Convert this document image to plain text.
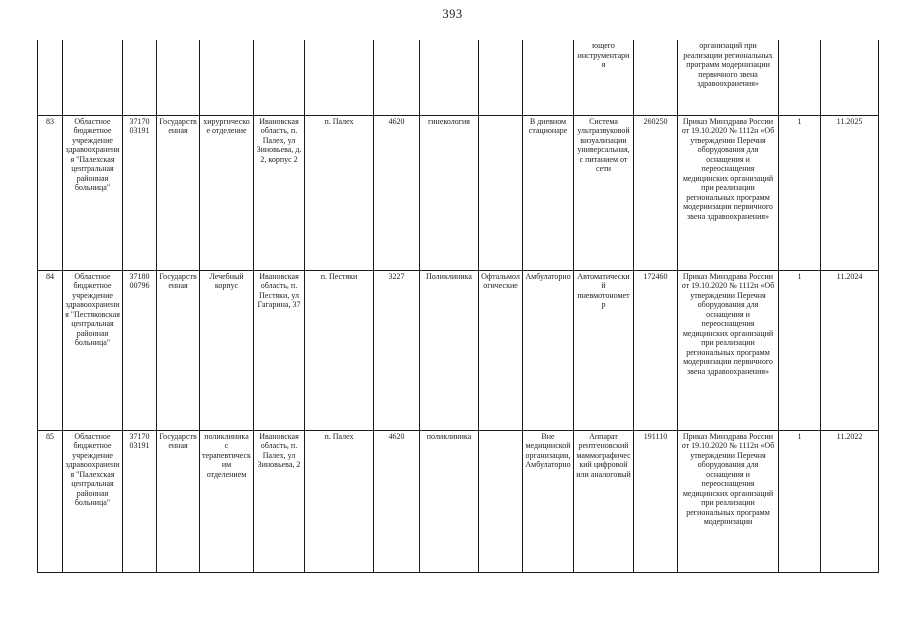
393
											ющего инструментария		организаций при реализации региональных программ модернизации первичного звена здравоохранения»		
83	Областное бюджетное учреждение здравоохранения "Палехская центральная районная больница"	37170 03191	Государственная	хирургическое отделение	Ивановская область, п. Палех, ул Зиновьева, д. 2, корпус 2	п. Палех	4620	гинекология		В дневном стационаре	Система ультразвуковой визуализации универсальная, с питанием от сети	260250	Приказ Минздрава России от 19.10.2020 № 1112н «Об утверждении Перечня оборудования для оснащения и переоснащения медицинских организаций при реализации региональных программ модернизации первичного звена здравоохранения»	1	11.2025
84	Областное бюджетное учреждение здравоохранения "Пестяковская центральная районная больница"	37180 00796	Государственная	Лечебный корпус	Ивановская область, п. Пестяки, ул Гагарина, 37	п. Пестяки	3227	Поликлиника	Офтальмологические	Амбулаторно	Автоматический пневмотонометр	172460	Приказ Минздрава России от 19.10.2020 № 1112н «Об утверждении Перечня оборудования для оснащения и переоснащения медицинских организаций при реализации региональных программ модернизации первичного звена здравоохранения»	1	11.2024
85	Областное бюджетное учреждение здравоохранения "Палехская центральная районная больница"	37170 03191	Государственная	поликлиника с терапевтическим отделением	Ивановская область, п. Палех, ул Зиновьева, 2	п. Палех	4620	поликлиника		Вне медицинской организации, Амбулаторно	Аппарат рентгеновский маммографический цифровой или аналоговый	191110	Приказ Минздрава России от 19.10.2020 № 1112н «Об утверждении Перечня оборудования для оснащения и переоснащения медицинских организаций при реализации региональных программ модернизации	1	11.2022
